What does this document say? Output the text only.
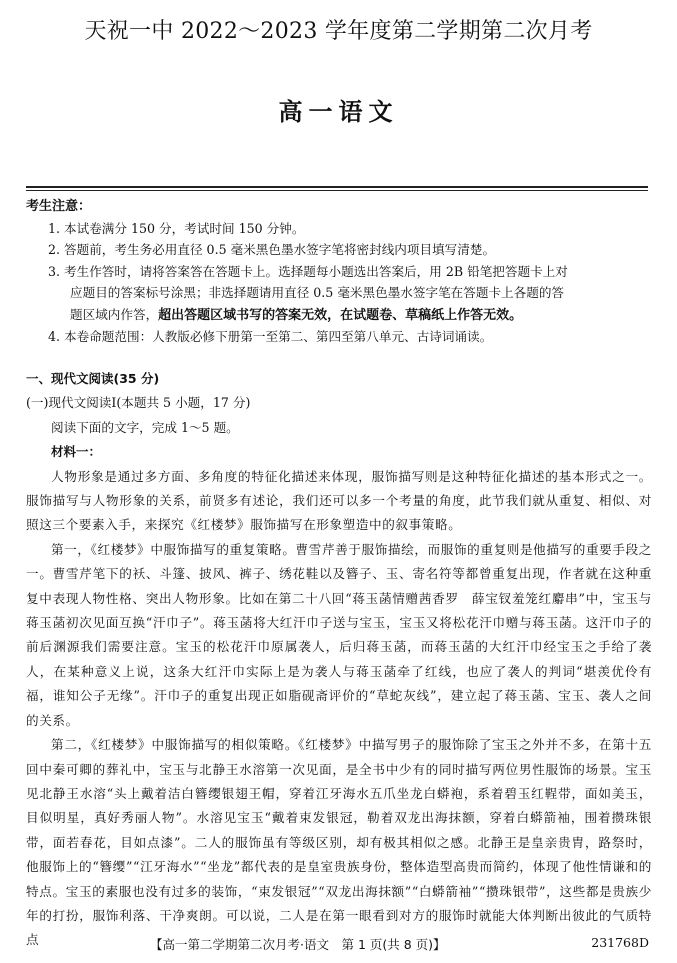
天祝一中 2022～2023 学年度第二学期第二次月考
高一语文
考生注意：
1. 本试卷满分 150 分，考试时间 150 分钟。
2. 答题前，考生务必用直径 0.5 毫米黑色墨水签字笔将密封线内项目填写清楚。
3. 考生作答时，请将答案答在答题卡上。选择题每小题选出答案后，用 2B 铅笔把答题卡上对
应题目的答案标号涂黑；非选择题请用直径 0.5 毫米黑色墨水签字笔在答题卡上各题的答
题区域内作答，超出答题区域书写的答案无效，在试题卷、草稿纸上作答无效。
4. 本卷命题范围：人教版必修下册第一至第二、第四至第八单元、古诗词诵读。
一、现代文阅读(35 分)
(一)现代文阅读Ⅰ(本题共 5 小题，17 分)
阅读下面的文字，完成 1～5 题。
材料一：
人物形象是通过多方面、多角度的特征化描述来体现，服饰描写则是这种特征化描述的基本形式之一。服饰描写与人物形象的关系，前贤多有述论，我们还可以多一个考量的角度，此节我们就从重复、相似、对照这三个要素入手，来探究《红楼梦》服饰描写在形象塑造中的叙事策略。
第一，《红楼梦》中服饰描写的重复策略。曹雪芹善于服饰描绘，而服饰的重复则是他描写的重要手段之一。曹雪芹笔下的袄、斗篷、披风、裤子、绣花鞋以及簪子、玉、寄名符等都曾重复出现，作者就在这种重复中表现人物性格、突出人物形象。比如在第二十八回“蒋玉菡情赠茜香罗　薛宝钗羞笼红麝串”中，宝玉与蒋玉菡初次见面互换“汗巾子”。蒋玉菡将大红汗巾子送与宝玉，宝玉又将松花汗巾赠与蒋玉菡。这汗巾子的前后渊源我们需要注意。宝玉的松花汗巾原属袭人，后归蒋玉菡，而蒋玉菡的大红汗巾经宝玉之手给了袭人，在某种意义上说，这条大红汗巾实际上是为袭人与蒋玉菡牵了红线，也应了袭人的判词“堪羡优伶有福，谁知公子无缘”。汗巾子的重复出现正如脂砚斋评价的“草蛇灰线”，建立起了蒋玉菡、宝玉、袭人之间的关系。
第二，《红楼梦》中服饰描写的相似策略。《红楼梦》中描写男子的服饰除了宝玉之外并不多，在第十五回中秦可卿的葬礼中，宝玉与北静王水溶第一次见面，是全书中少有的同时描写两位男性服饰的场景。宝玉见北静王水溶“头上戴着洁白簪缨银翅王帽，穿着江牙海水五爪坐龙白蟒袍，系着碧玉红鞓带，面如美玉，目似明星，真好秀丽人物”。水溶见宝玉“戴着束发银冠，勒着双龙出海抹额，穿着白蟒箭袖，围着攒珠银带，面若春花，目如点漆”。二人的服饰虽有等级区别，却有极其相似之感。北静王是皇亲贵胄，路祭时，他服饰上的“簪缨”“江牙海水”“坐龙”都代表的是皇室贵族身份，整体造型高贵而简约，体现了他性情谦和的特点。宝玉的素服也没有过多的装饰，“束发银冠”“双龙出海抹额”“白蟒箭袖”“攒珠银带”，这些都是贵族少年的打扮，服饰利落、干净爽朗。可以说，二人是在第一眼看到对方的服饰时就能大体判断出彼此的气质特点	【高一第二学期第二次月考·语文　第 1 页(共 8 页)】	231768D
